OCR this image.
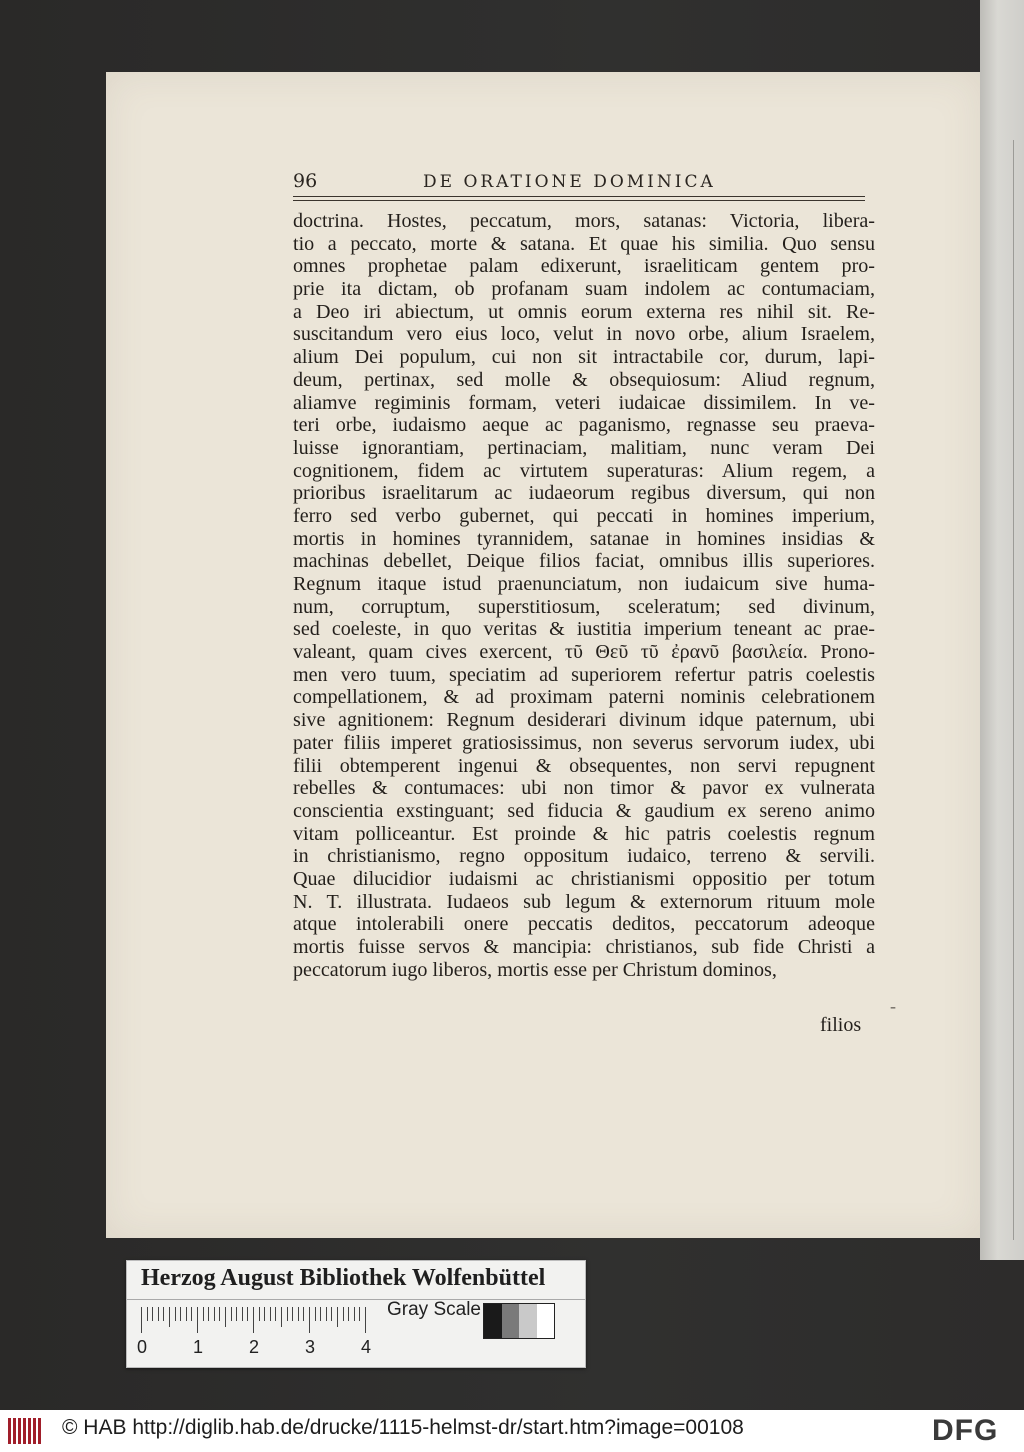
96	DE ORATIONE DOMINICA
doctrina. Hostes, peccatum, mors, satanas: Victoria, libera-
tio a peccato, morte & satana. Et quae his similia. Quo sensu
omnes prophetae palam edixerunt, israeliticam gentem pro-
prie ita dictam, ob profanam suam indolem ac contumaciam,
a Deo iri abiectum, ut omnis eorum externa res nihil sit. Re-
suscitandum vero eius loco, velut in novo orbe, alium Israelem,
alium Dei populum, cui non sit intractabile cor, durum, lapi-
deum, pertinax, sed molle & obsequiosum: Aliud regnum,
aliamve regiminis formam, veteri iudaicae dissimilem. In ve-
teri orbe, iudaismo aeque ac paganismo, regnasse seu praeva-
luisse ignorantiam, pertinaciam, malitiam, nunc veram Dei
cognitionem, fidem ac virtutem superaturas: Alium regem, a
prioribus israelitarum ac iudaeorum regibus diversum, qui non
ferro sed verbo gubernet, qui peccati in homines imperium,
mortis in homines tyrannidem, satanae in homines insidias &
machinas debellet, Deique filios faciat, omnibus illis superiores.
Regnum itaque istud praenunciatum, non iudaicum sive huma-
num, corruptum, superstitiosum, sceleratum; sed divinum,
sed coeleste, in quo veritas & iustitia imperium teneant ac prae-
valeant, quam cives exercent, τῦ Θεῦ τῦ ἐρανῦ βασιλεία. Prono-
men vero tuum, speciatim ad superiorem refertur patris coelestis
compellationem, & ad proximam paterni nominis celebrationem
sive agnitionem: Regnum desiderari divinum idque paternum, ubi
pater filiis imperet gratiosissimus, non severus servorum iudex, ubi
filii obtemperent ingenui & obsequentes, non servi repugnent
rebelles & contumaces: ubi non timor & pavor ex vulnerata
conscientia exstinguant; sed fiducia & gaudium ex sereno animo
vitam polliceantur. Est proinde & hic patris coelestis regnum
in christianismo, regno oppositum iudaico, terreno & servili.
Quae dilucidior iudaismi ac christianismi oppositio per totum
N. T. illustrata. Iudaeos sub legum & externorum rituum mole
atque intolerabili onere peccatis deditos, peccatorum adeoque
mortis fuisse servos & mancipia: christianos, sub fide Christi a
peccatorum iugo liberos, mortis esse per Christum dominos,
-
filios
Herzog August Bibliothek Wolfenbüttel
0	1	2	3	4
Gray Scale
© HAB http://diglib.hab.de/drucke/1115-helmst-dr/start.htm?image=00108	DFG
